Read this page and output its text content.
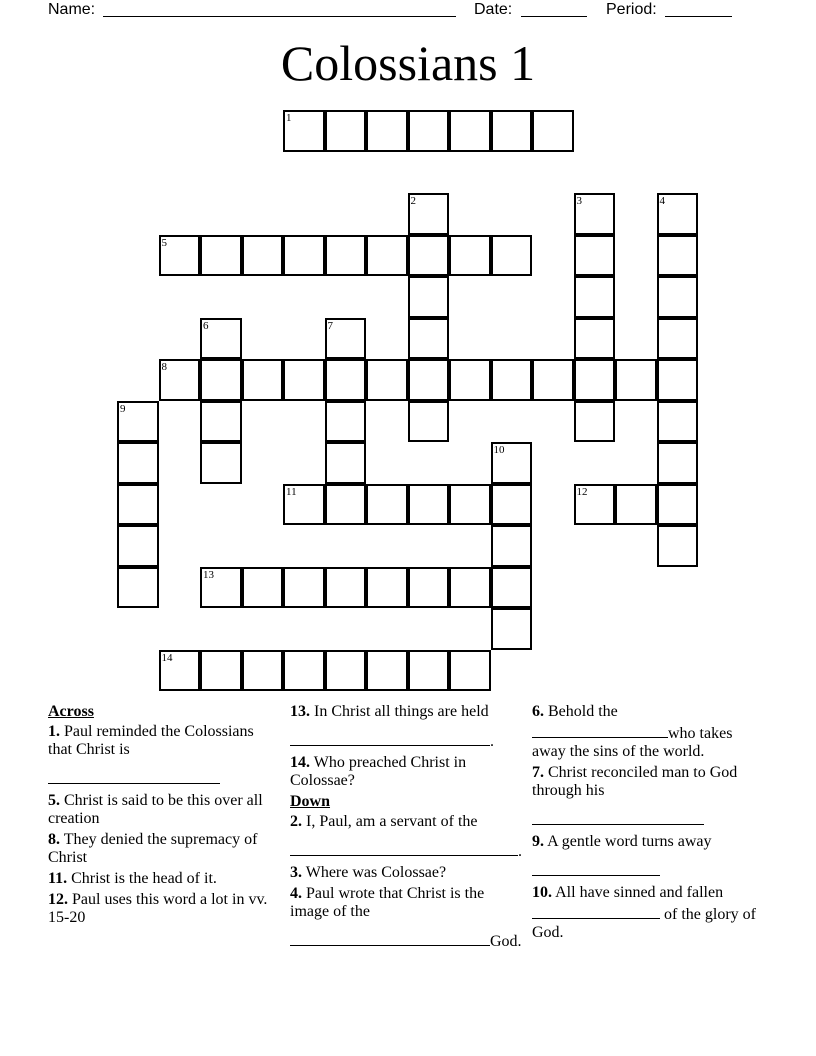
Name:	Date:	Period:
Colossians 1
1
5
8
11	12
13
14
2	3	4
6	7
9
10
Across
1. Paul reminded the Colossians that Christ is

5. Christ is said to be this over all creation
8. They denied the supremacy of Christ
11. Christ is the head of it.
12. Paul uses this word a lot in vv. 15-20
13. In Christ all things are held
.
14. Who preached Christ in Colossae?
Down
2. I, Paul, am a servant of the
.
3. Where was Colossae?
4. Paul wrote that Christ is the image of the
God.
6. Behold the
who takes away the sins of the world.
7. Christ reconciled man to God through his

9. A gentle word turns away

10. All have sinned and fallen
of the glory of God.
